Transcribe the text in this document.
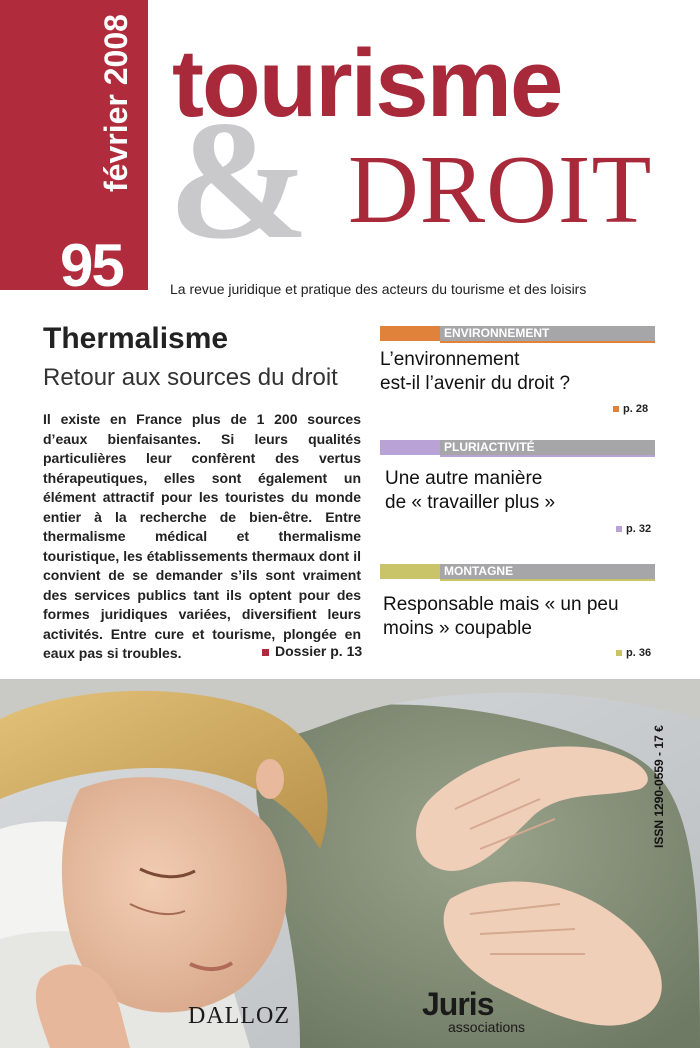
février 2008
95 &
tourisme
DROIT
La revue juridique et pratique des acteurs du tourisme et des loisirs
Thermalisme
Retour aux sources du droit
Il existe en France plus de 1 200 sources d’eaux bienfaisantes. Si leurs qualités particulières leur confèrent des vertus thérapeutiques, elles sont également un élément attractif pour les touristes du monde entier à la recherche de bien-être. Entre thermalisme médical et thermalisme touristique, les établissements thermaux dont il convient de se demander s’ils sont vraiment des services publics tant ils optent pour des formes juridiques variées, diversifient leurs activités. Entre cure et tourisme, plongée en eaux pas si troubles.	Dossier p. 13
ENVIRONNEMENT
L’environnement
est-il l’avenir du droit ?
p. 28
PLURIACTIVITÉ
Une autre manière
de « travailler plus »
p. 32
MONTAGNE
Responsable mais « un peu
moins » coupable
p. 36
ISSN 1290-0559 - 17 €
DALLOZ	Juris
associations
